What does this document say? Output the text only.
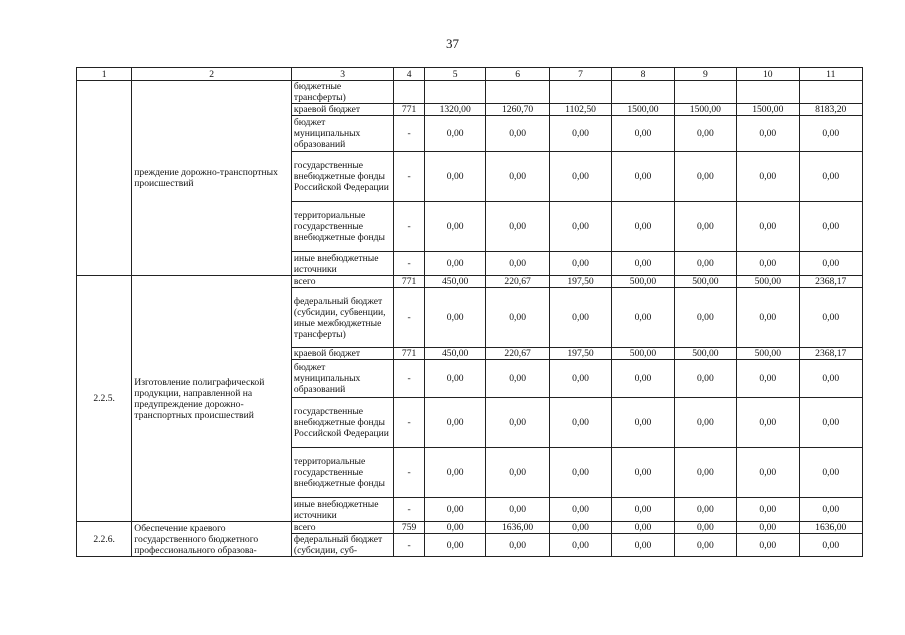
37
1	2	3	4	5	6	7	8	9	10	11
	преждение дорожно-транспортных происшествий	бюджетные трансферты)								
		краевой бюджет	771	1320,00	1260,70	1102,50	1500,00	1500,00	1500,00	8183,20
		бюджет муниципальных образований	-	0,00	0,00	0,00	0,00	0,00	0,00	0,00
		государственные внебюджетные фонды Российской Федерации	-	0,00	0,00	0,00	0,00	0,00	0,00	0,00
		территориальные государственные внебюджетные фонды	-	0,00	0,00	0,00	0,00	0,00	0,00	0,00
		иные внебюджетные источники	-	0,00	0,00	0,00	0,00	0,00	0,00	0,00
2.2.5.	Изготовление полиграфической продукции, направленной на предупреждение дорожно-транспортных происшествий	всего	771	450,00	220,67	197,50	500,00	500,00	500,00	2368,17
		федеральный бюджет (субсидии, субвенции, иные межбюджетные трансферты)	-	0,00	0,00	0,00	0,00	0,00	0,00	0,00
		краевой бюджет	771	450,00	220,67	197,50	500,00	500,00	500,00	2368,17
		бюджет муниципальных образований	-	0,00	0,00	0,00	0,00	0,00	0,00	0,00
		государственные внебюджетные фонды Российской Федерации	-	0,00	0,00	0,00	0,00	0,00	0,00	0,00
		территориальные государственные внебюджетные фонды	-	0,00	0,00	0,00	0,00	0,00	0,00	0,00
		иные внебюджетные источники	-	0,00	0,00	0,00	0,00	0,00	0,00	0,00
2.2.6.	Обеспечение краевого государственного бюджетного профессионального образова-	всего	759	0,00	1636,00	0,00	0,00	0,00	0,00	1636,00
		федеральный бюджет (субсидии, суб-	-	0,00	0,00	0,00	0,00	0,00	0,00	0,00
